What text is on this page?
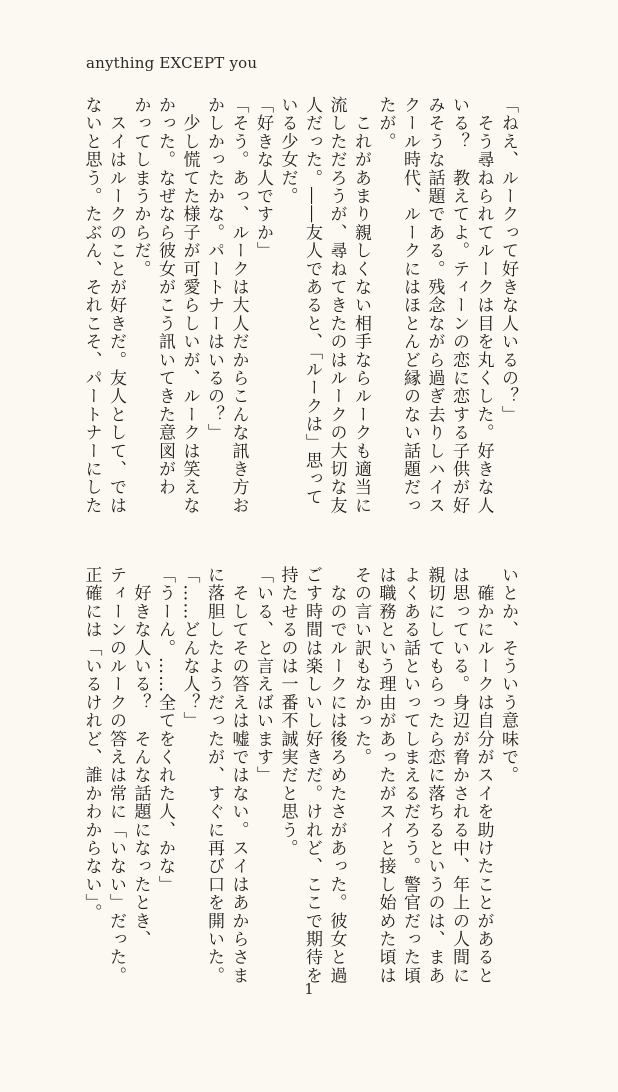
anything EXCEPT you
「ねえ、ルークって好きな人いるの？」
　そう尋ねられてルークは目を丸くした。好きな人
いる？　教えてよ。ティーンの恋に恋する子供が好
みそうな話題である。残念ながら過ぎ去りしハイス
クール時代、ルークにはほとんど縁のない話題だっ
たが。
　これがあまり親しくない相手ならルークも適当に
流しただろうが、尋ねてきたのはルークの大切な友
人だった。――友人であると、「ルークは」思って
いる少女だ。
「好きな人ですか」
「そう。あっ、ルークは大人だからこんな訊き方お
かしかったかな。パートナーはいるの？」
　少し慌てた様子が可愛らしいが、ルークは笑えな
かった。なぜなら彼女がこう訊いてきた意図がわ
かってしまうからだ。
　スイはルークのことが好きだ。友人として、では
ないと思う。たぶん、それこそ、パートナーにした
いとか、そういう意味で。
　確かにルークは自分がスイを助けたことがあると
は思っている。身辺が脅かされる中、年上の人間に
親切にしてもらったら恋に落ちるというのは、まあ
よくある話といってしまえるだろう。警官だった頃
は職務という理由があったがスイと接し始めた頃は
その言い訳もなかった。
　なのでルークには後ろめたさがあった。彼女と過
ごす時間は楽しいし好きだ。けれど、ここで期待を
持たせるのは一番不誠実だと思う。
「いる、と言えばいます」
　そしてその答えは嘘ではない。スイはあからさま
に落胆したようだったが、すぐに再び口を開いた。
「……どんな人？」
「うーん。……全てをくれた人、かな」
　好きな人いる？　そんな話題になったとき、
ティーンのルークの答えは常に「いない」だった。
正確には「いるけれど、誰かわからない」。
1
